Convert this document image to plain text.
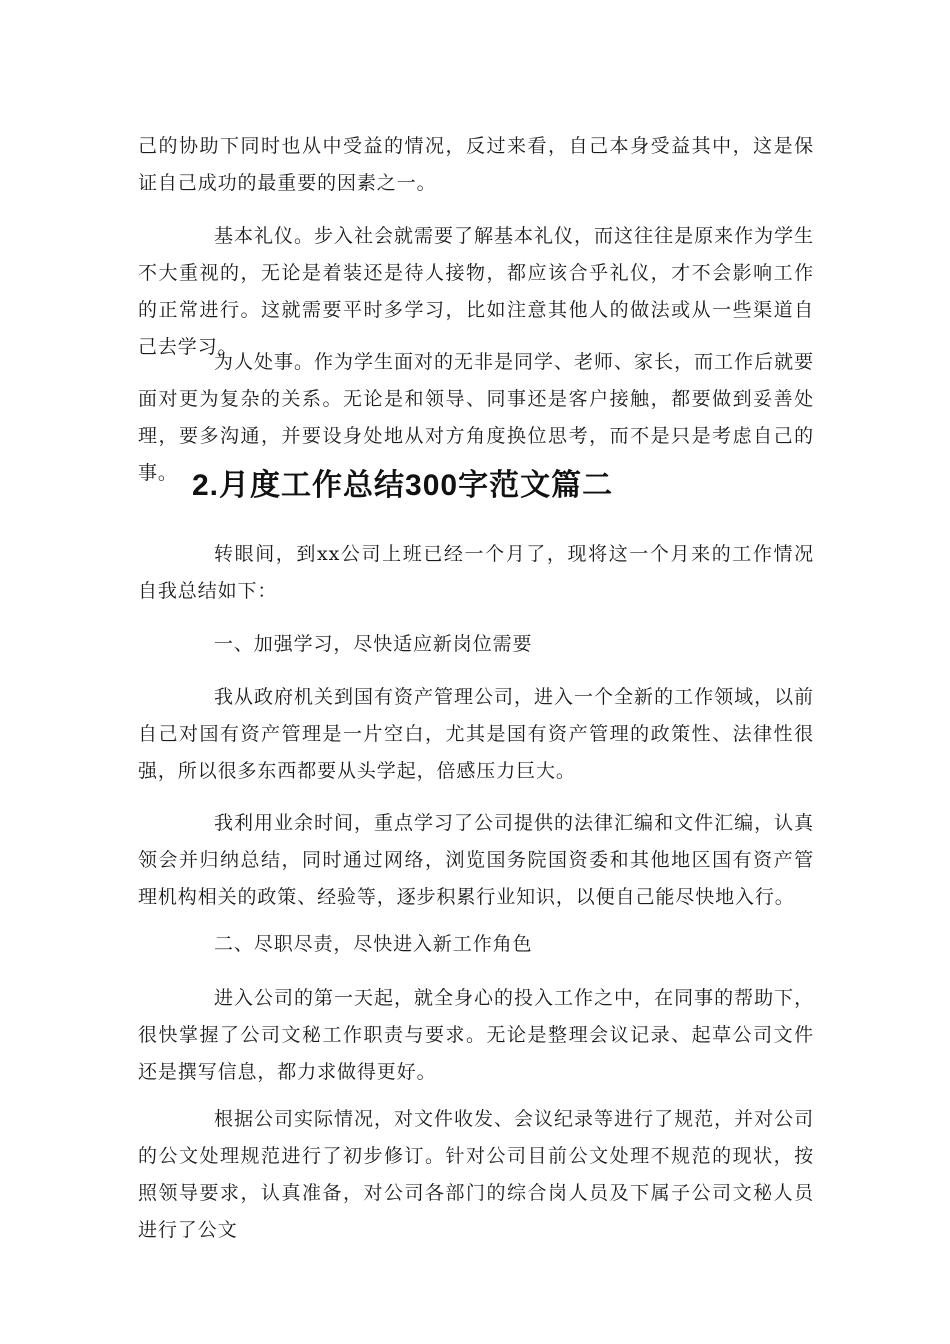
己的协助下同时也从中受益的情况，反过来看，自己本身受益其中，这是保证自己成功的最重要的因素之一。

基本礼仪。步入社会就需要了解基本礼仪，而这往往是原来作为学生不大重视的，无论是着装还是待人接物，都应该合乎礼仪，才不会影响工作的正常进行。这就需要平时多学习，比如注意其他人的做法或从一些渠道自己去学习。

为人处事。作为学生面对的无非是同学、老师、家长，而工作后就要面对更为复杂的关系。无论是和领导、同事还是客户接触，都要做到妥善处理，要多沟通，并要设身处地从对方角度换位思考，而不是只是考虑自己的事。 2.月度工作总结300字范文篇二

转眼间，到xx公司上班已经一个月了，现将这一个月来的工作情况自我总结如下：

一、加强学习，尽快适应新岗位需要

我从政府机关到国有资产管理公司，进入一个全新的工作领域，以前自己对国有资产管理是一片空白，尤其是国有资产管理的政策性、法律性很强，所以很多东西都要从头学起，倍感压力巨大。

我利用业余时间，重点学习了公司提供的法律汇编和文件汇编，认真领会并归纳总结，同时通过网络，浏览国务院国资委和其他地区国有资产管理机构相关的政策、经验等，逐步积累行业知识，以便自己能尽快地入行。

二、尽职尽责，尽快进入新工作角色

进入公司的第一天起，就全身心的投入工作之中，在同事的帮助下，很快掌握了公司文秘工作职责与要求。无论是整理会议记录、起草公司文件还是撰写信息，都力求做得更好。

根据公司实际情况，对文件收发、会议纪录等进行了规范，并对公司的公文处理规范进行了初步修订。针对公司目前公文处理不规范的现状，按照领导要求，认真准备，对公司各部门的综合岗人员及下属子公司文秘人员进行了公文
